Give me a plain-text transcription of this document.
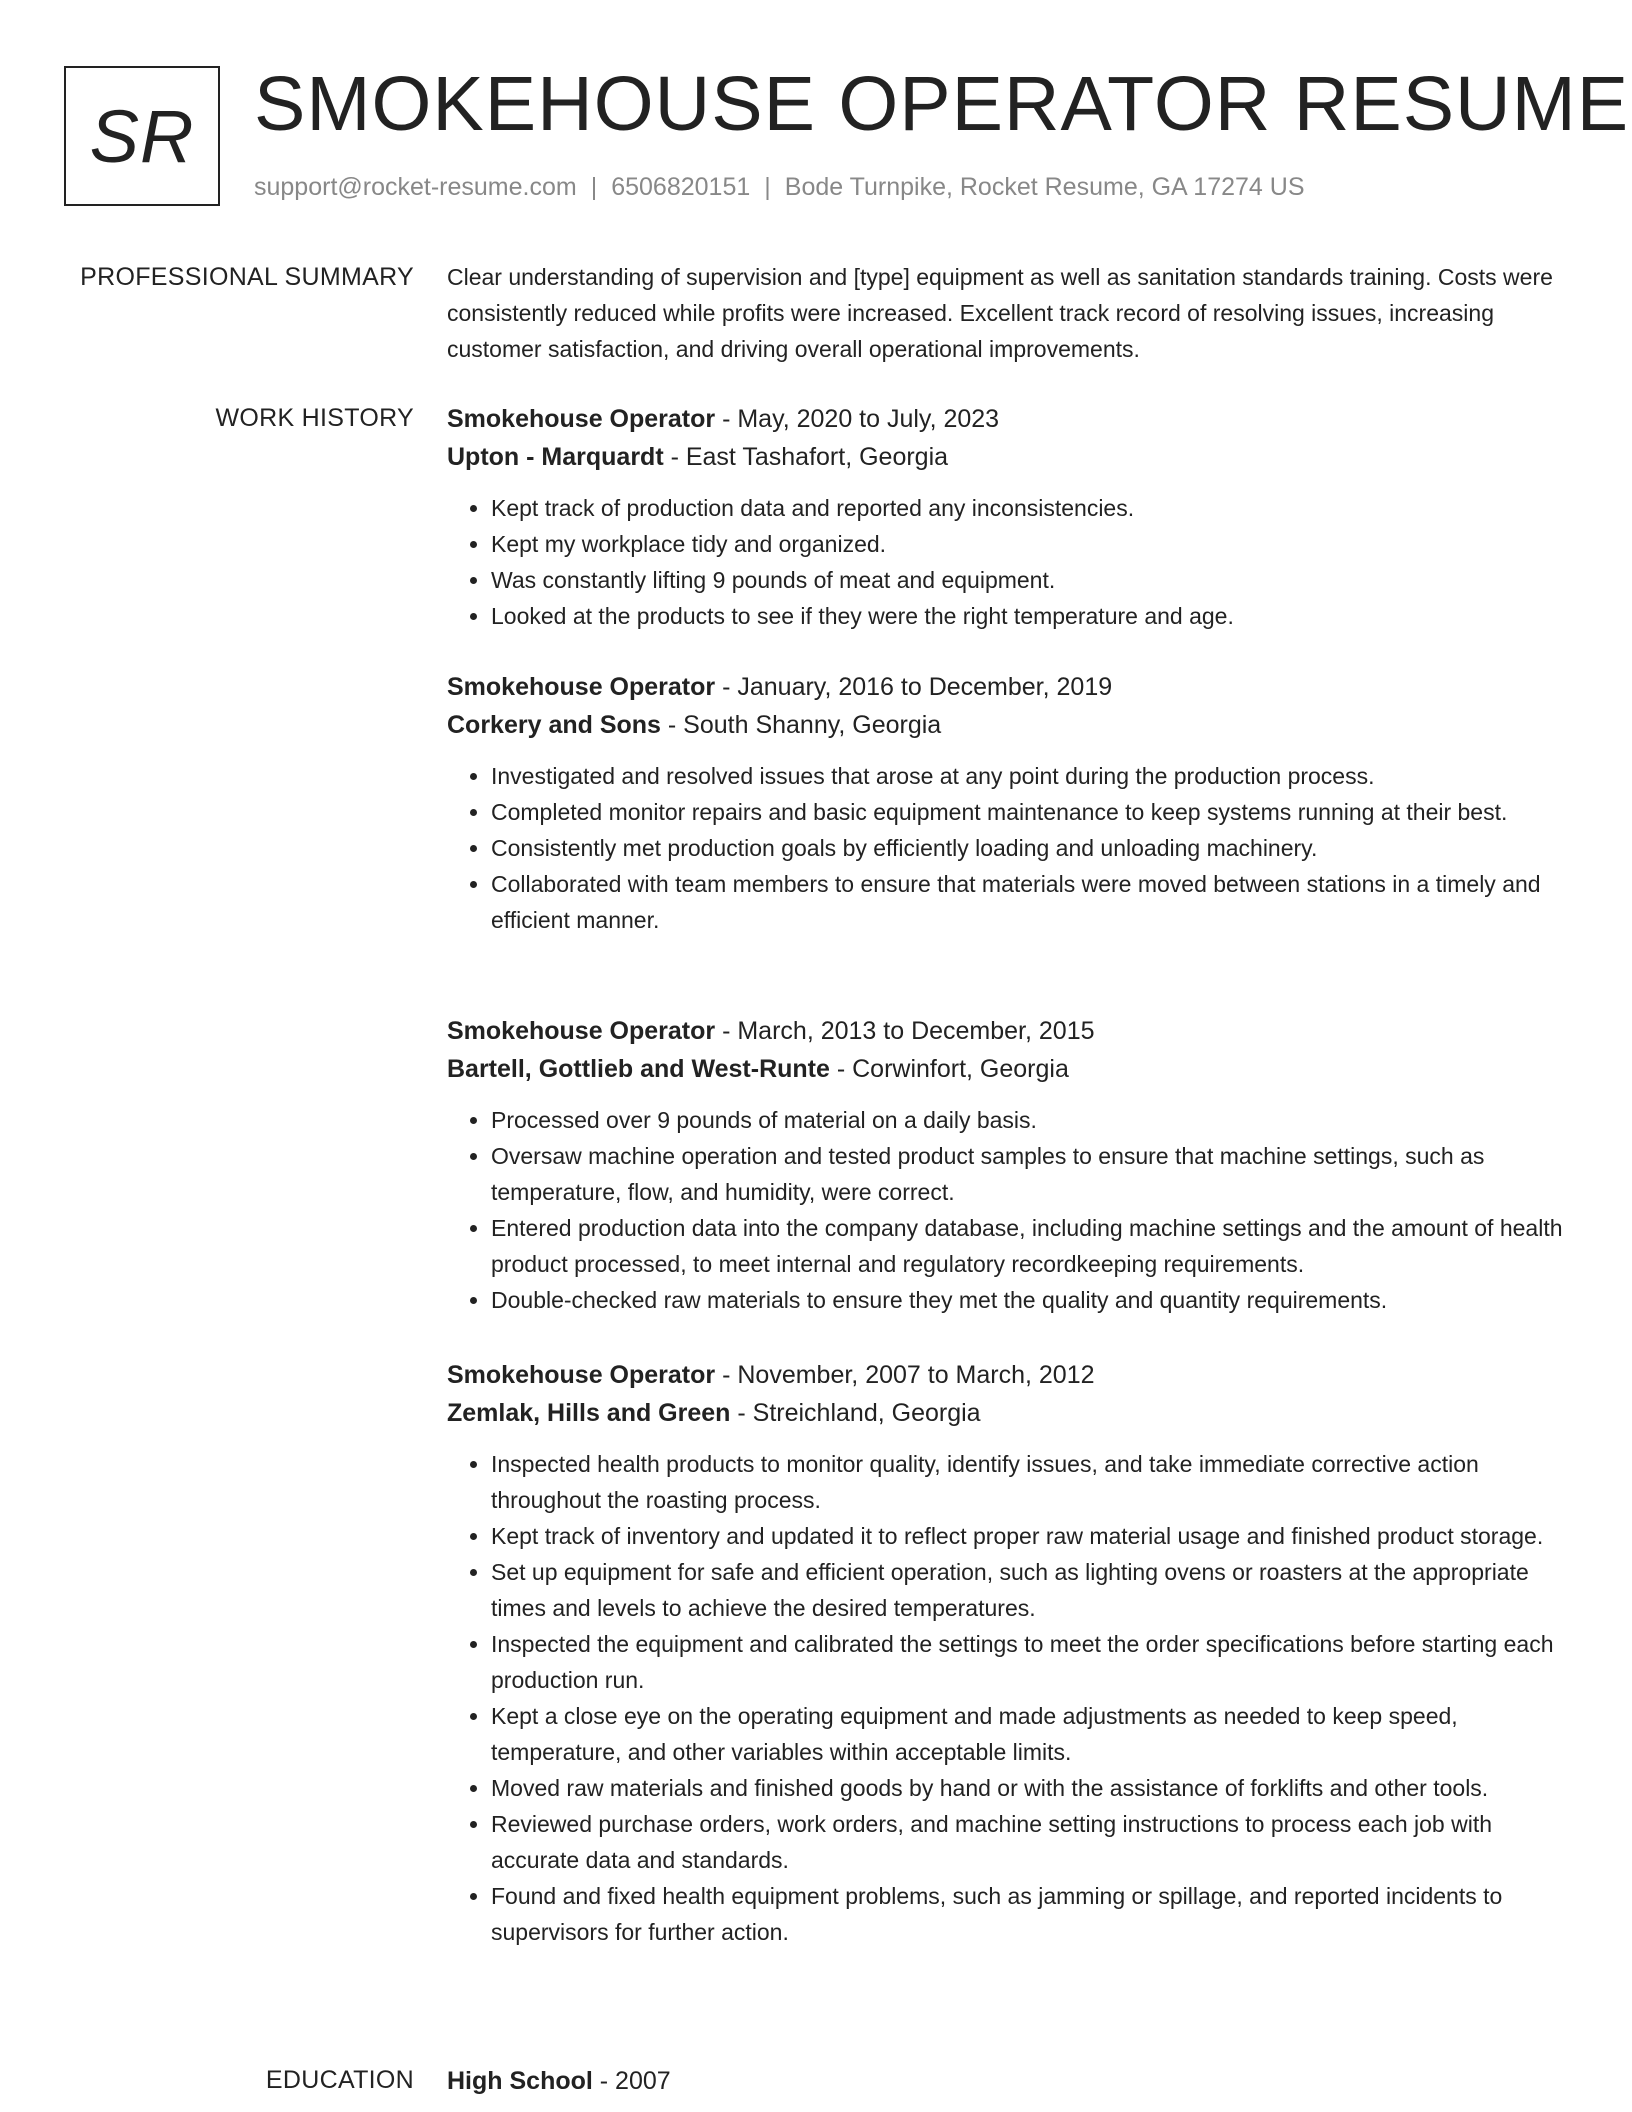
SR SMOKEHOUSE OPERATOR RESUME
support@rocket-resume.com | 6506820151 | Bode Turnpike, Rocket Resume, GA 17274 US
PROFESSIONAL SUMMARY Clear understanding of supervision and [type] equipment as well as sanitation standards training. Costs were consistently reduced while profits were increased. Excellent track record of resolving issues, increasing customer satisfaction, and driving overall operational improvements.

WORK HISTORY Smokehouse Operator - May, 2020 to July, 2023
Upton - Marquardt - East Tashafort, Georgia
• Kept track of production data and reported any inconsistencies.
• Kept my workplace tidy and organized.
• Was constantly lifting 9 pounds of meat and equipment.
• Looked at the products to see if they were the right temperature and age.
Smokehouse Operator - January, 2016 to December, 2019
Corkery and Sons - South Shanny, Georgia
• Investigated and resolved issues that arose at any point during the production process.
• Completed monitor repairs and basic equipment maintenance to keep systems running at their best.
• Consistently met production goals by efficiently loading and unloading machinery.
• Collaborated with team members to ensure that materials were moved between stations in a timely and efficient manner.
Smokehouse Operator - March, 2013 to December, 2015
Bartell, Gottlieb and West-Runte - Corwinfort, Georgia
• Processed over 9 pounds of material on a daily basis.
• Oversaw machine operation and tested product samples to ensure that machine settings, such as temperature, flow, and humidity, were correct.
• Entered production data into the company database, including machine settings and the amount of health product processed, to meet internal and regulatory recordkeeping requirements.
• Double-checked raw materials to ensure they met the quality and quantity requirements.
Smokehouse Operator - November, 2007 to March, 2012
Zemlak, Hills and Green - Streichland, Georgia
• Inspected health products to monitor quality, identify issues, and take immediate corrective action throughout the roasting process.
• Kept track of inventory and updated it to reflect proper raw material usage and finished product storage.
• Set up equipment for safe and efficient operation, such as lighting ovens or roasters at the appropriate times and levels to achieve the desired temperatures.
• Inspected the equipment and calibrated the settings to meet the order specifications before starting each production run.
• Kept a close eye on the operating equipment and made adjustments as needed to keep speed, temperature, and other variables within acceptable limits.
• Moved raw materials and finished goods by hand or with the assistance of forklifts and other tools.
• Reviewed purchase orders, work orders, and machine setting instructions to process each job with accurate data and standards.
• Found and fixed health equipment problems, such as jamming or spillage, and reported incidents to supervisors for further action.
EDUCATION High School - 2007
